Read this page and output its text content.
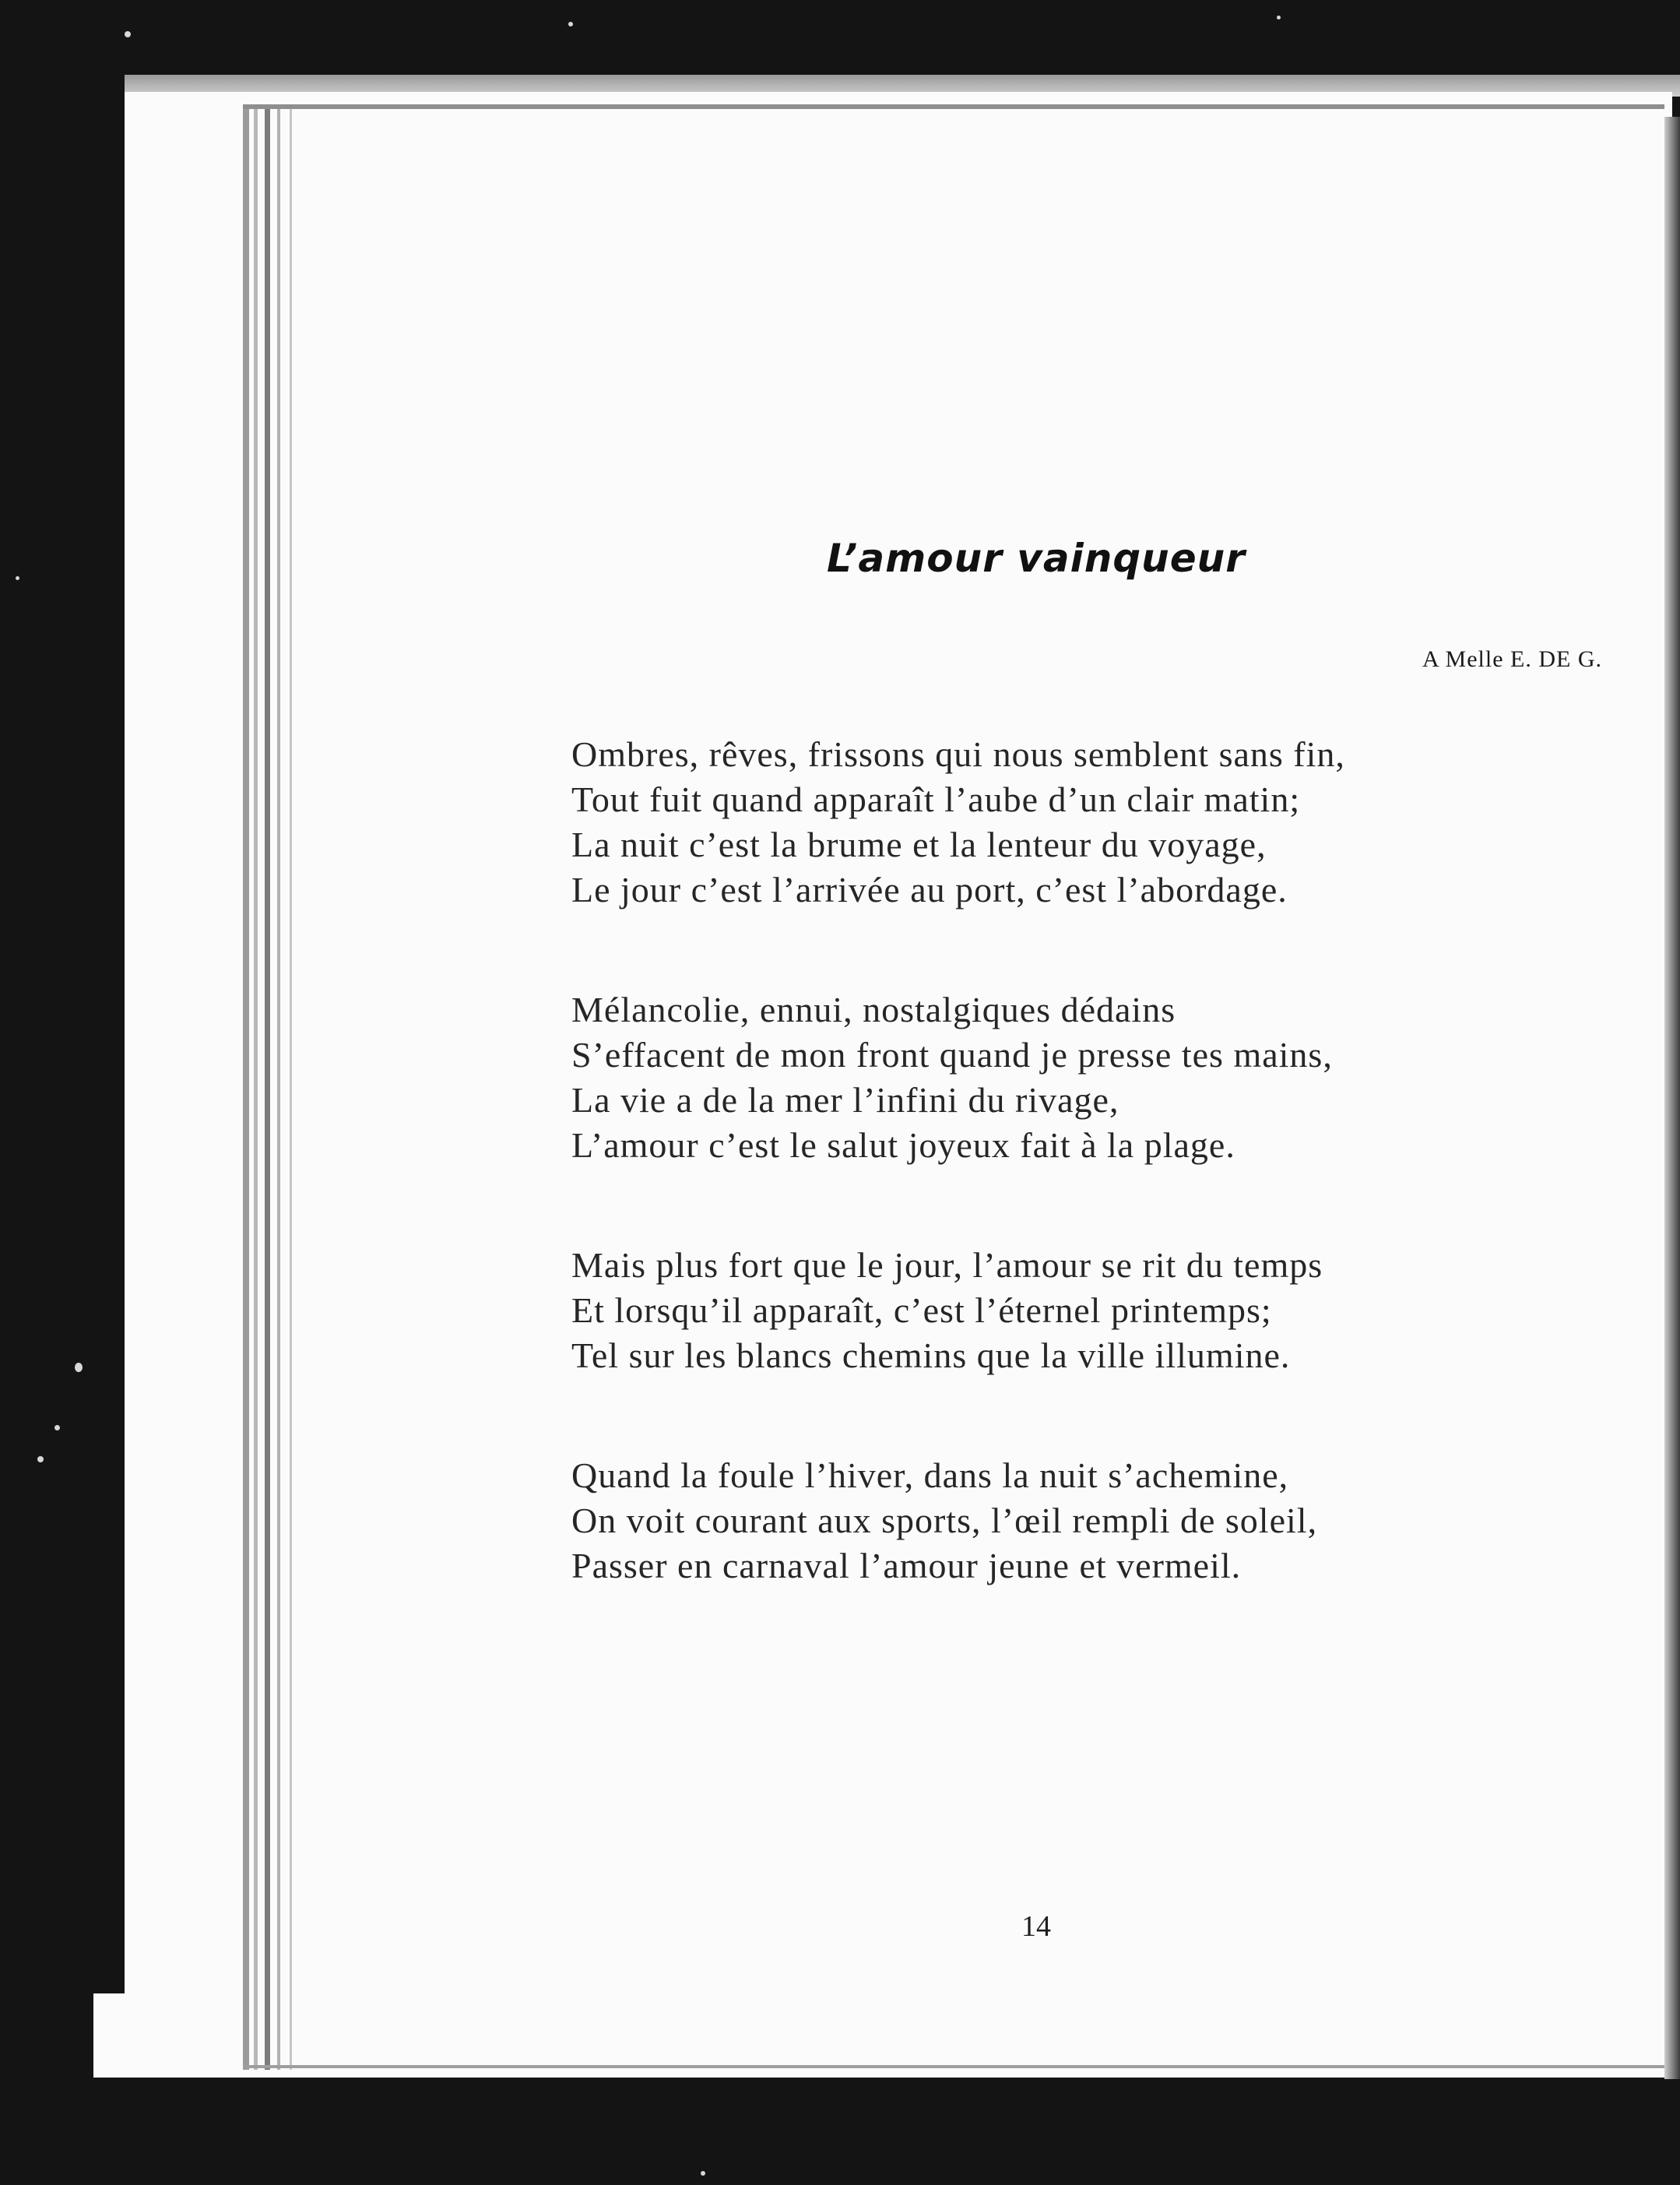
L’amour vainqueur
A Melle E. DE G.
Ombres, rêves, frissons qui nous semblent sans fin,
Tout fuit quand apparaît l’aube d’un clair matin;
La nuit c’est la brume et la lenteur du voyage,
Le jour c’est l’arrivée au port, c’est l’abordage.
Mélancolie, ennui, nostalgiques dédains
S’effacent de mon front quand je presse tes mains,
La vie a de la mer l’infini du rivage,
L’amour c’est le salut joyeux fait à la plage.
Mais plus fort que le jour, l’amour se rit du temps
Et lorsqu’il apparaît, c’est l’éternel printemps;
Tel sur les blancs chemins que la ville illumine.
Quand la foule l’hiver, dans la nuit s’achemine,
On voit courant aux sports, l’œil rempli de soleil,
Passer en carnaval l’amour jeune et vermeil.
14
